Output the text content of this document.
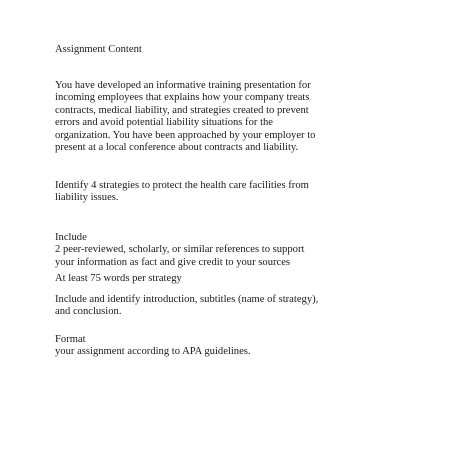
Assignment Content

You have developed an informative training presentation for
incoming employees that explains how your company treats
contracts, medical liability, and strategies created to prevent
errors and avoid potential liability situations for the
organization. You have been approached by your employer to
present at a local conference about contracts and liability.

Identify 4 strategies to protect the health care facilities from
liability issues.

Include
2 peer-reviewed, scholarly, or similar references to support
your information as fact and give credit to your sources

At least 75 words per strategy

Include and identify introduction, subtitles (name of strategy),
and conclusion.

Format
your assignment according to APA guidelines.
